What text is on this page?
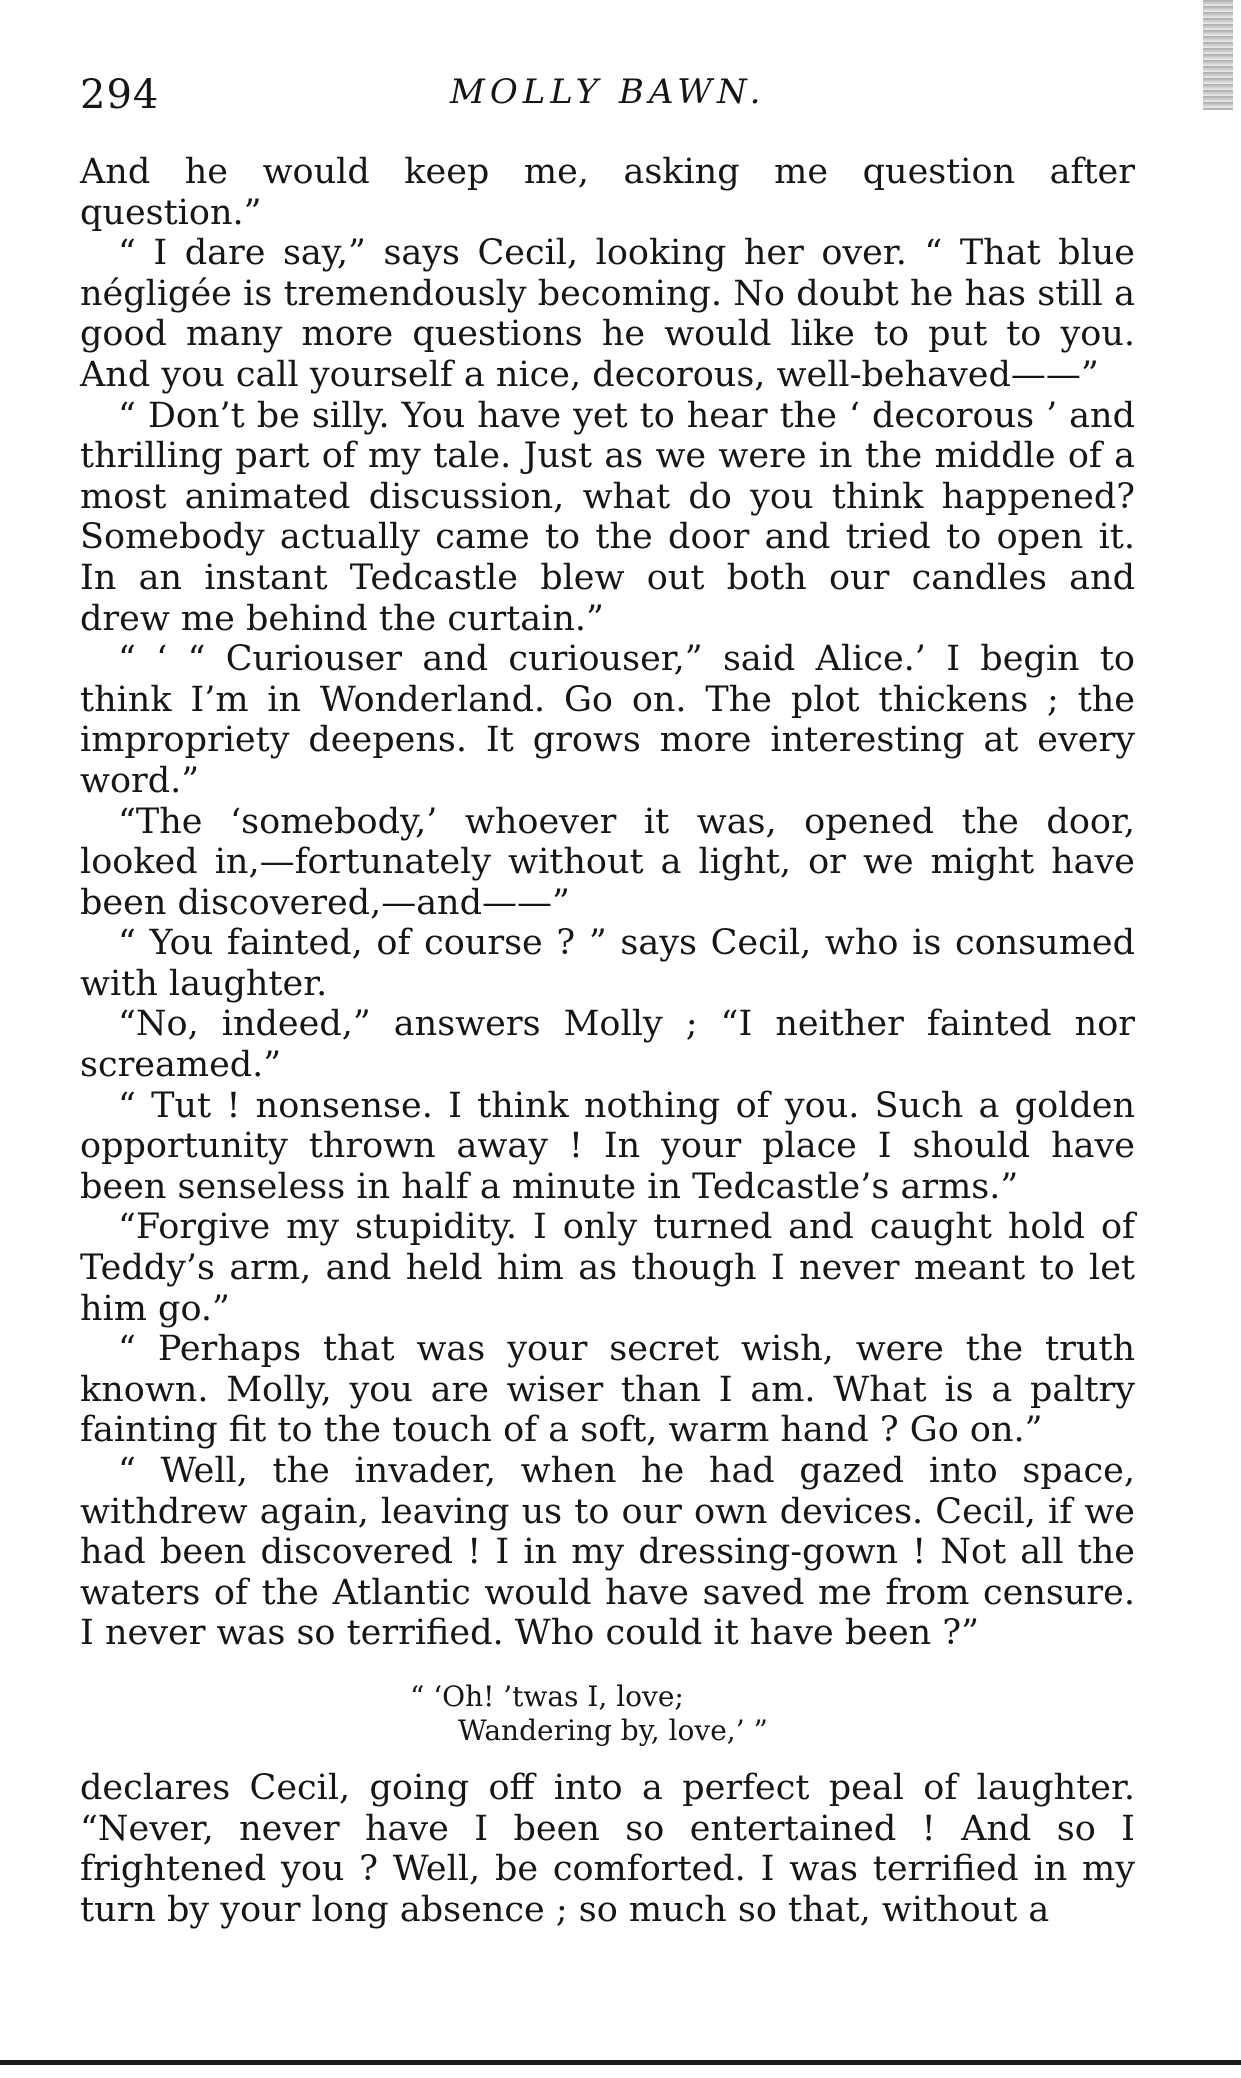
294	MOLLY BAWN.

And he would keep me, asking me question after question.”

“ I dare say,” says Cecil, looking her over. “ That blue négligée is tremendously becoming. No doubt he has still a good many more questions he would like to put to you. And you call yourself a nice, decorous, well-behaved——”

“ Don’t be silly. You have yet to hear the ‘ decorous ’ and thrilling part of my tale. Just as we were in the middle of a most animated discussion, what do you think happened? Somebody actually came to the door and tried to open it. In an instant Tedcastle blew out both our candles and drew me behind the curtain.”

“ ‘ “ Curiouser and curiouser,” said Alice.’ I begin to think I’m in Wonderland. Go on. The plot thickens ; the impropriety deepens. It grows more interesting at every word.”

“The ‘somebody,’ whoever it was, opened the door, looked in,—fortunately without a light, or we might have been discovered,—and——”

“ You fainted, of course ? ” says Cecil, who is consumed with laughter.

“No, indeed,” answers Molly ; “I neither fainted nor screamed.”

“ Tut ! nonsense. I think nothing of you. Such a golden opportunity thrown away ! In your place I should have been senseless in half a minute in Tedcastle’s arms.”

“Forgive my stupidity. I only turned and caught hold of Teddy’s arm, and held him as though I never meant to let him go.”

“ Perhaps that was your secret wish, were the truth known. Molly, you are wiser than I am. What is a paltry fainting fit to the touch of a soft, warm hand ? Go on.”

“ Well, the invader, when he had gazed into space, withdrew again, leaving us to our own devices. Cecil, if we had been discovered ! I in my dressing-gown ! Not all the waters of the Atlantic would have saved me from censure. I never was so terrified. Who could it have been ?”

“ ‘Oh! ’twas I, love;
Wandering by, love,’ ”

declares Cecil, going off into a perfect peal of laughter. “Never, never have I been so entertained ! And so I frightened you ? Well, be comforted. I was terrified in my turn by your long absence ; so much so that, without a
